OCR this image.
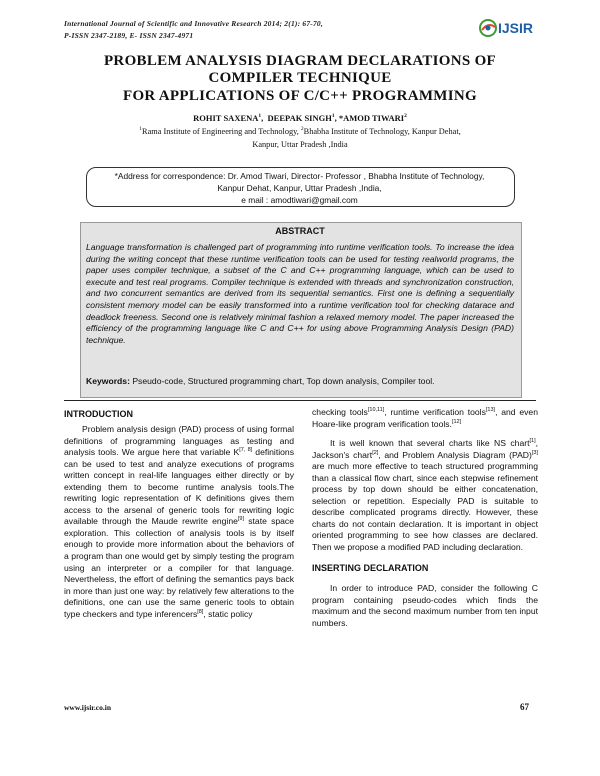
International Journal of Scientific and Innovative Research 2014; 2(1): 67-70,
P-ISSN 2347-2189, E- ISSN 2347-4971	IJSIR
PROBLEM ANALYSIS DIAGRAM DECLARATIONS OF
COMPILER TECHNIQUE
FOR APPLICATIONS OF C/C++ PROGRAMMING
ROHIT SAXENA$^1$,  DEEPAK SINGH$^1$, *AMOD TIWARI$^2$
$^1$Rama Institute of Engineering and Technology, $^2$Bhabha Institute of Technology, Kanpur Dehat,
Kanpur, Uttar Pradesh ,India
*Address for correspondence: Dr. Amod Tiwari, Director- Professor , Bhabha Institute of Technology,
Kanpur Dehat, Kanpur, Uttar Pradesh ,India,
e mail : amodtiwari@gmail.com
ABSTRACT
Language transformation is challenged part of programming into runtime verification tools. To increase the idea during the writing concept that these runtime verification tools can be used for testing realworld programs, the paper uses compiler technique, a subset of the C and C++ programming language, which can be used to execute and test real programs. Compiler technique is extended with threads and synchronization construction, and two concurrent semantics are derived from its sequential semantics. First one is defining a sequentially consistent memory model can be easily transformed into a runtime verification tool for checking datarace and deadlock freeness. Second one is relatively minimal fashion a relaxed memory model. The paper increased the efficiency of the programming language like C and C++ for using above Programming Analysis Design (PAD) technique.
Keywords: Pseudo-code, Structured programming chart, Top down analysis, Compiler tool.
INTRODUCTION

Problem analysis design (PAD) process of using formal definitions of programming languages as testing and analysis tools. We argue here that variable K[7, 8] definitions can be used to test and analyze executions of programs written concept in real-life languages either directly or by extending them to become runtime analysis tools.The rewriting logic representation of K definitions gives them access to the arsenal of generic tools for rewriting logic available through the Maude rewrite engine[9] state space exploration. This collection of analysis tools is by itself enough to provide more information about the behaviors of a program than one would get by simply testing the program using an interpreter or a compiler for that language. Nevertheless, the effort of defining the semantics pays back in more than just one way: by relatively few alterations to the definitions, one can use the same generic tools to obtain type checkers and type inferencers[8], static policy

checking tools[10,11], runtime verification tools[13], and even Hoare-like program verification tools.[12]

It is well known that several charts like NS chart[1], Jackson's chart[2], and Problem Analysis Diagram (PAD)[3] are much more effective to teach structured programming than a classical flow chart, since each stepwise refinement process by top down should be either concatenation, selection or repetition. Especially PAD is suitable to describe complicated programs directly. However, these charts do not contain declaration. It is important in object oriented programming to see how classes are declared. Then we propose a modified PAD including declaration.

INSERTING DECLARATION

In order to introduce PAD, consider the following C program containing pseudo-codes which finds the maximum and the second maximum number from ten input numbers.

www.ijsir.co.in	67
